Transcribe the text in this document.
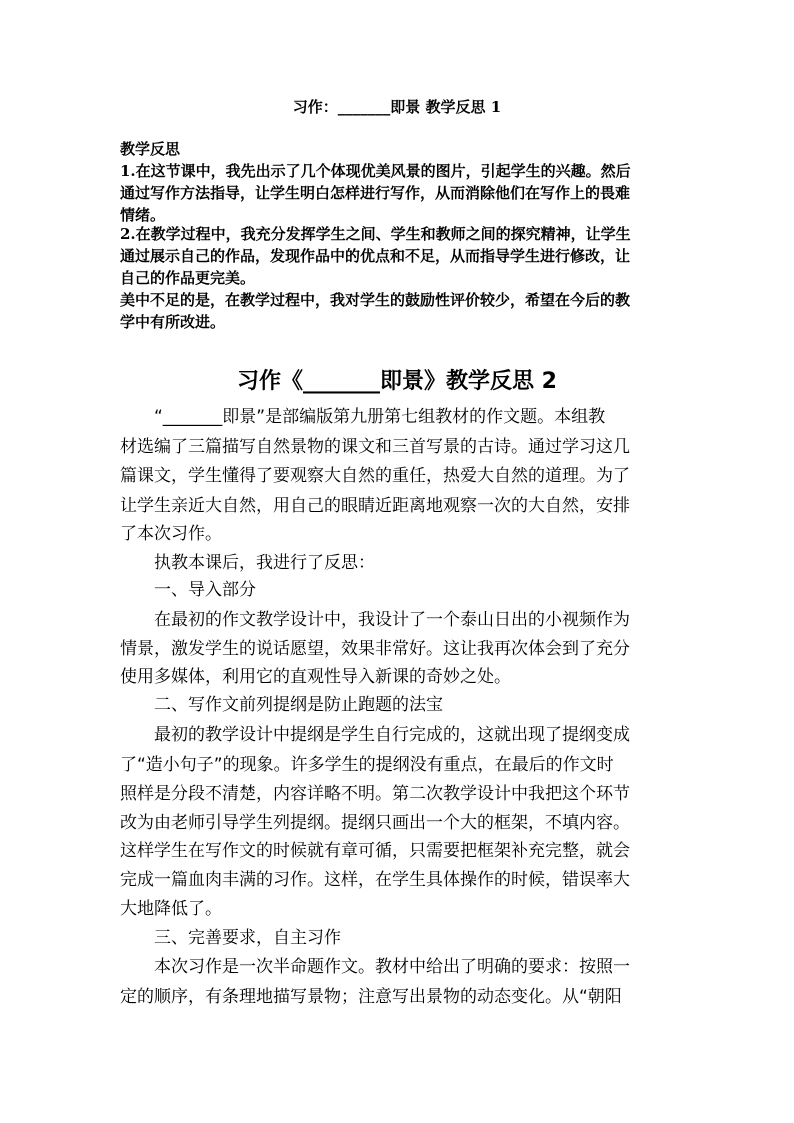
习作：_______即景 教学反思 1
教学反思
1.在这节课中，我先出示了几个体现优美风景的图片，引起学生的兴趣。然后
通过写作方法指导，让学生明白怎样进行写作，从而消除他们在写作上的畏难
情绪。
2.在教学过程中，我充分发挥学生之间、学生和教师之间的探究精神，让学生
通过展示自己的作品，发现作品中的优点和不足，从而指导学生进行修改，让
自己的作品更完美。
美中不足的是，在教学过程中，我对学生的鼓励性评价较少，希望在今后的教
学中有所改进。
习作《_______即景》教学反思 2
“_______即景”是部编版第九册第七组教材的作文题。本组教
材选编了三篇描写自然景物的课文和三首写景的古诗。通过学习这几
篇课文，学生懂得了要观察大自然的重任，热爱大自然的道理。为了
让学生亲近大自然，用自己的眼睛近距离地观察一次的大自然，安排
了本次习作。
执教本课后，我进行了反思：
一、导入部分
在最初的作文教学设计中，我设计了一个泰山日出的小视频作为
情景，激发学生的说话愿望，效果非常好。这让我再次体会到了充分
使用多媒体，利用它的直观性导入新课的奇妙之处。
二、写作文前列提纲是防止跑题的法宝
最初的教学设计中提纲是学生自行完成的，这就出现了提纲变成
了“造小句子”的现象。许多学生的提纲没有重点，在最后的作文时
照样是分段不清楚，内容详略不明。第二次教学设计中我把这个环节
改为由老师引导学生列提纲。提纲只画出一个大的框架，不填内容。
这样学生在写作文的时候就有章可循，只需要把框架补充完整，就会
完成一篇血肉丰满的习作。这样，在学生具体操作的时候，错误率大
大地降低了。
三、完善要求，自主习作
本次习作是一次半命题作文。教材中给出了明确的要求：按照一
定的顺序，有条理地描写景物；注意写出景物的动态变化。从“朝阳
